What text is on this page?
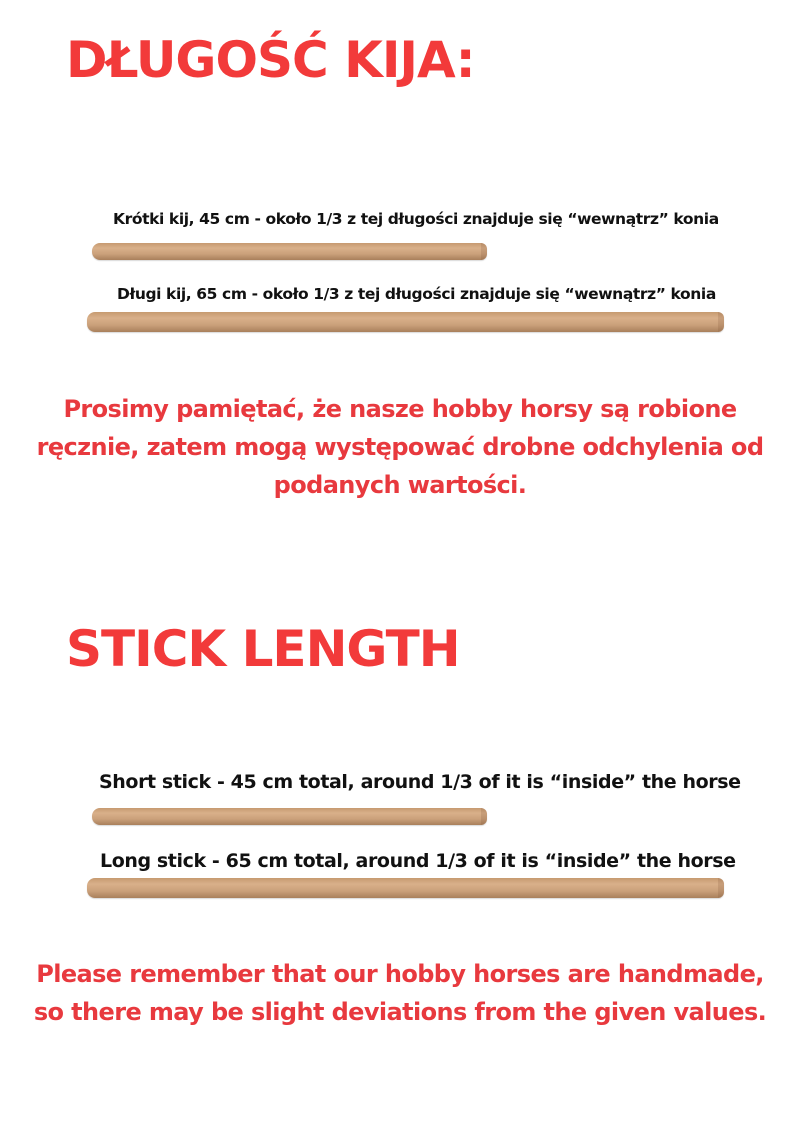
DŁUGOŚĆ KIJA:
Krótki kij, 45 cm - około 1/3 z tej długości znajduje się “wewnątrz” konia
Długi kij, 65 cm - około 1/3 z tej długości znajduje się “wewnątrz” konia
Prosimy pamiętać, że nasze hobby horsy są robione
ręcznie, zatem mogą występować drobne odchylenia od
podanych wartości.
STICK LENGTH
Short stick - 45 cm total, around 1/3 of it is “inside” the horse
Long stick - 65 cm total, around 1/3 of it is “inside” the horse
Please remember that our hobby horses are handmade,
so there may be slight deviations from the given values.
